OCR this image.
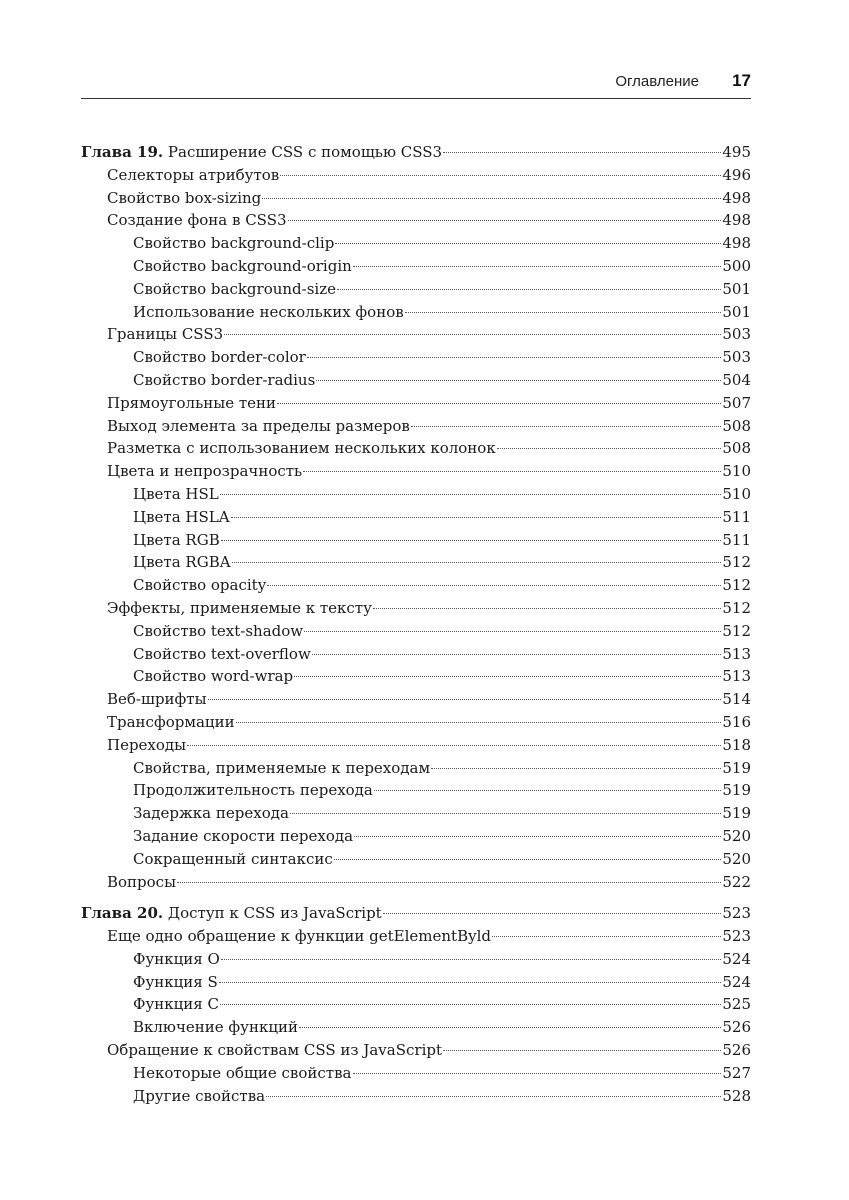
Оглавление 17
Глава 19. Расширение CSS с помощью CSS3	495
Селекторы атрибутов	496
Свойство box-sizing	498
Создание фона в CSS3	498
Свойство background-clip	498
Свойство background-origin	500
Свойство background-size	501
Использование нескольких фонов	501
Границы CSS3	503
Свойство border-color	503
Свойство border-radius	504
Прямоугольные тени	507
Выход элемента за пределы размеров	508
Разметка с использованием нескольких колонок	508
Цвета и непрозрачность	510
Цвета HSL	510
Цвета HSLA	511
Цвета RGB	511
Цвета RGBA	512
Свойство opacity	512
Эффекты, применяемые к тексту	512
Свойство text-shadow	512
Свойство text-overflow	513
Свойство word-wrap	513
Веб-шрифты	514
Трансформации	516
Переходы	518
Свойства, применяемые к переходам	519
Продолжительность перехода	519
Задержка перехода	519
Задание скорости перехода	520
Сокращенный синтаксис	520
Вопросы	522
Глава 20. Доступ к CSS из JavaScript	523
Еще одно обращение к функции getElementByld	523
Функция O	524
Функция S	524
Функция C	525
Включение функций	526
Обращение к свойствам CSS из JavaScript	526
Некоторые общие свойства	527
Другие свойства	528
